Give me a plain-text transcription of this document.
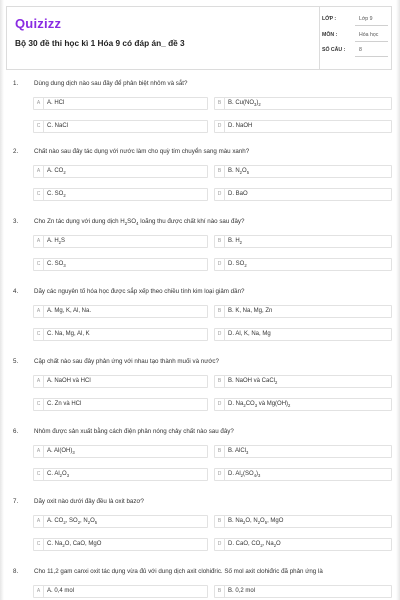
Quizizz
Bộ 30 đề thi học kì 1 Hóa 9 có đáp án_ đề 3
LỚP :	Lớp 9
MÔN :	Hóa học
SỐ CÂU :	8
1.	Dùng dung dịch nào sau đây để phân biệt nhôm và sắt?
A	A. HCl	B	B. $Cu(NO_3)_2$
C	C. NaCl	D	D. NaOH
2.	Chất nào sau đây tác dụng với nước làm cho quỳ tím chuyển sang màu xanh?
A	A. $CO_2$	B	B. $N_2O_5$
C	C. $SO_2$	D	D. BaO
3.	Cho Zn tác dụng với dung dịch $H_2SO_4$ loãng thu được chất khí nào sau đây?
A	A. $H_2S$	B	B. $H_2$
C	C. $SO_3$	D	D. $SO_2$
4.	Dãy các nguyên tố hóa học được sắp xếp theo chiều tính kim loại giảm dần?
A	A. Mg, K, Al, Na.	B	B. K, Na, Mg, Zn
C	C. Na, Mg, Al, K	D	D. Al, K, Na, Mg
5.	Cặp chất nào sau đây phản ứng với nhau tạo thành muối và nước?
A	A. NaOH và HCl	B	B. NaOH và CaCl$_2$
C	C. Zn và HCl	D	D. $Na_2CO_3$ và $Mg(OH)_2$
6.	Nhôm được sản xuất bằng cách điện phân nóng chảy chất nào sau đây?
A	A. $Al(OH)_3$	B	B. AlCl$_3$
C	C. $Al_2O_3$	D	D. $Al_2(SO_4)_3$
7.	Dãy oxit nào dưới đây đều là oxit bazơ?
A	A. $CO_2$, $SO_2$, $N_2O_5$	B	B. $Na_2O$, $N_2O_5$, MgO
C	C. $Na_2O$, CaO, MgO	D	D. CaO, $CO_2$, $Na_2O$
8.	Cho 11,2 gam canxi oxit tác dụng vừa đủ với dung dịch axit clohiđric. Số mol axit clohiđric đã phản ứng là
A	A. 0,4 mol	B	B. 0,2 mol
